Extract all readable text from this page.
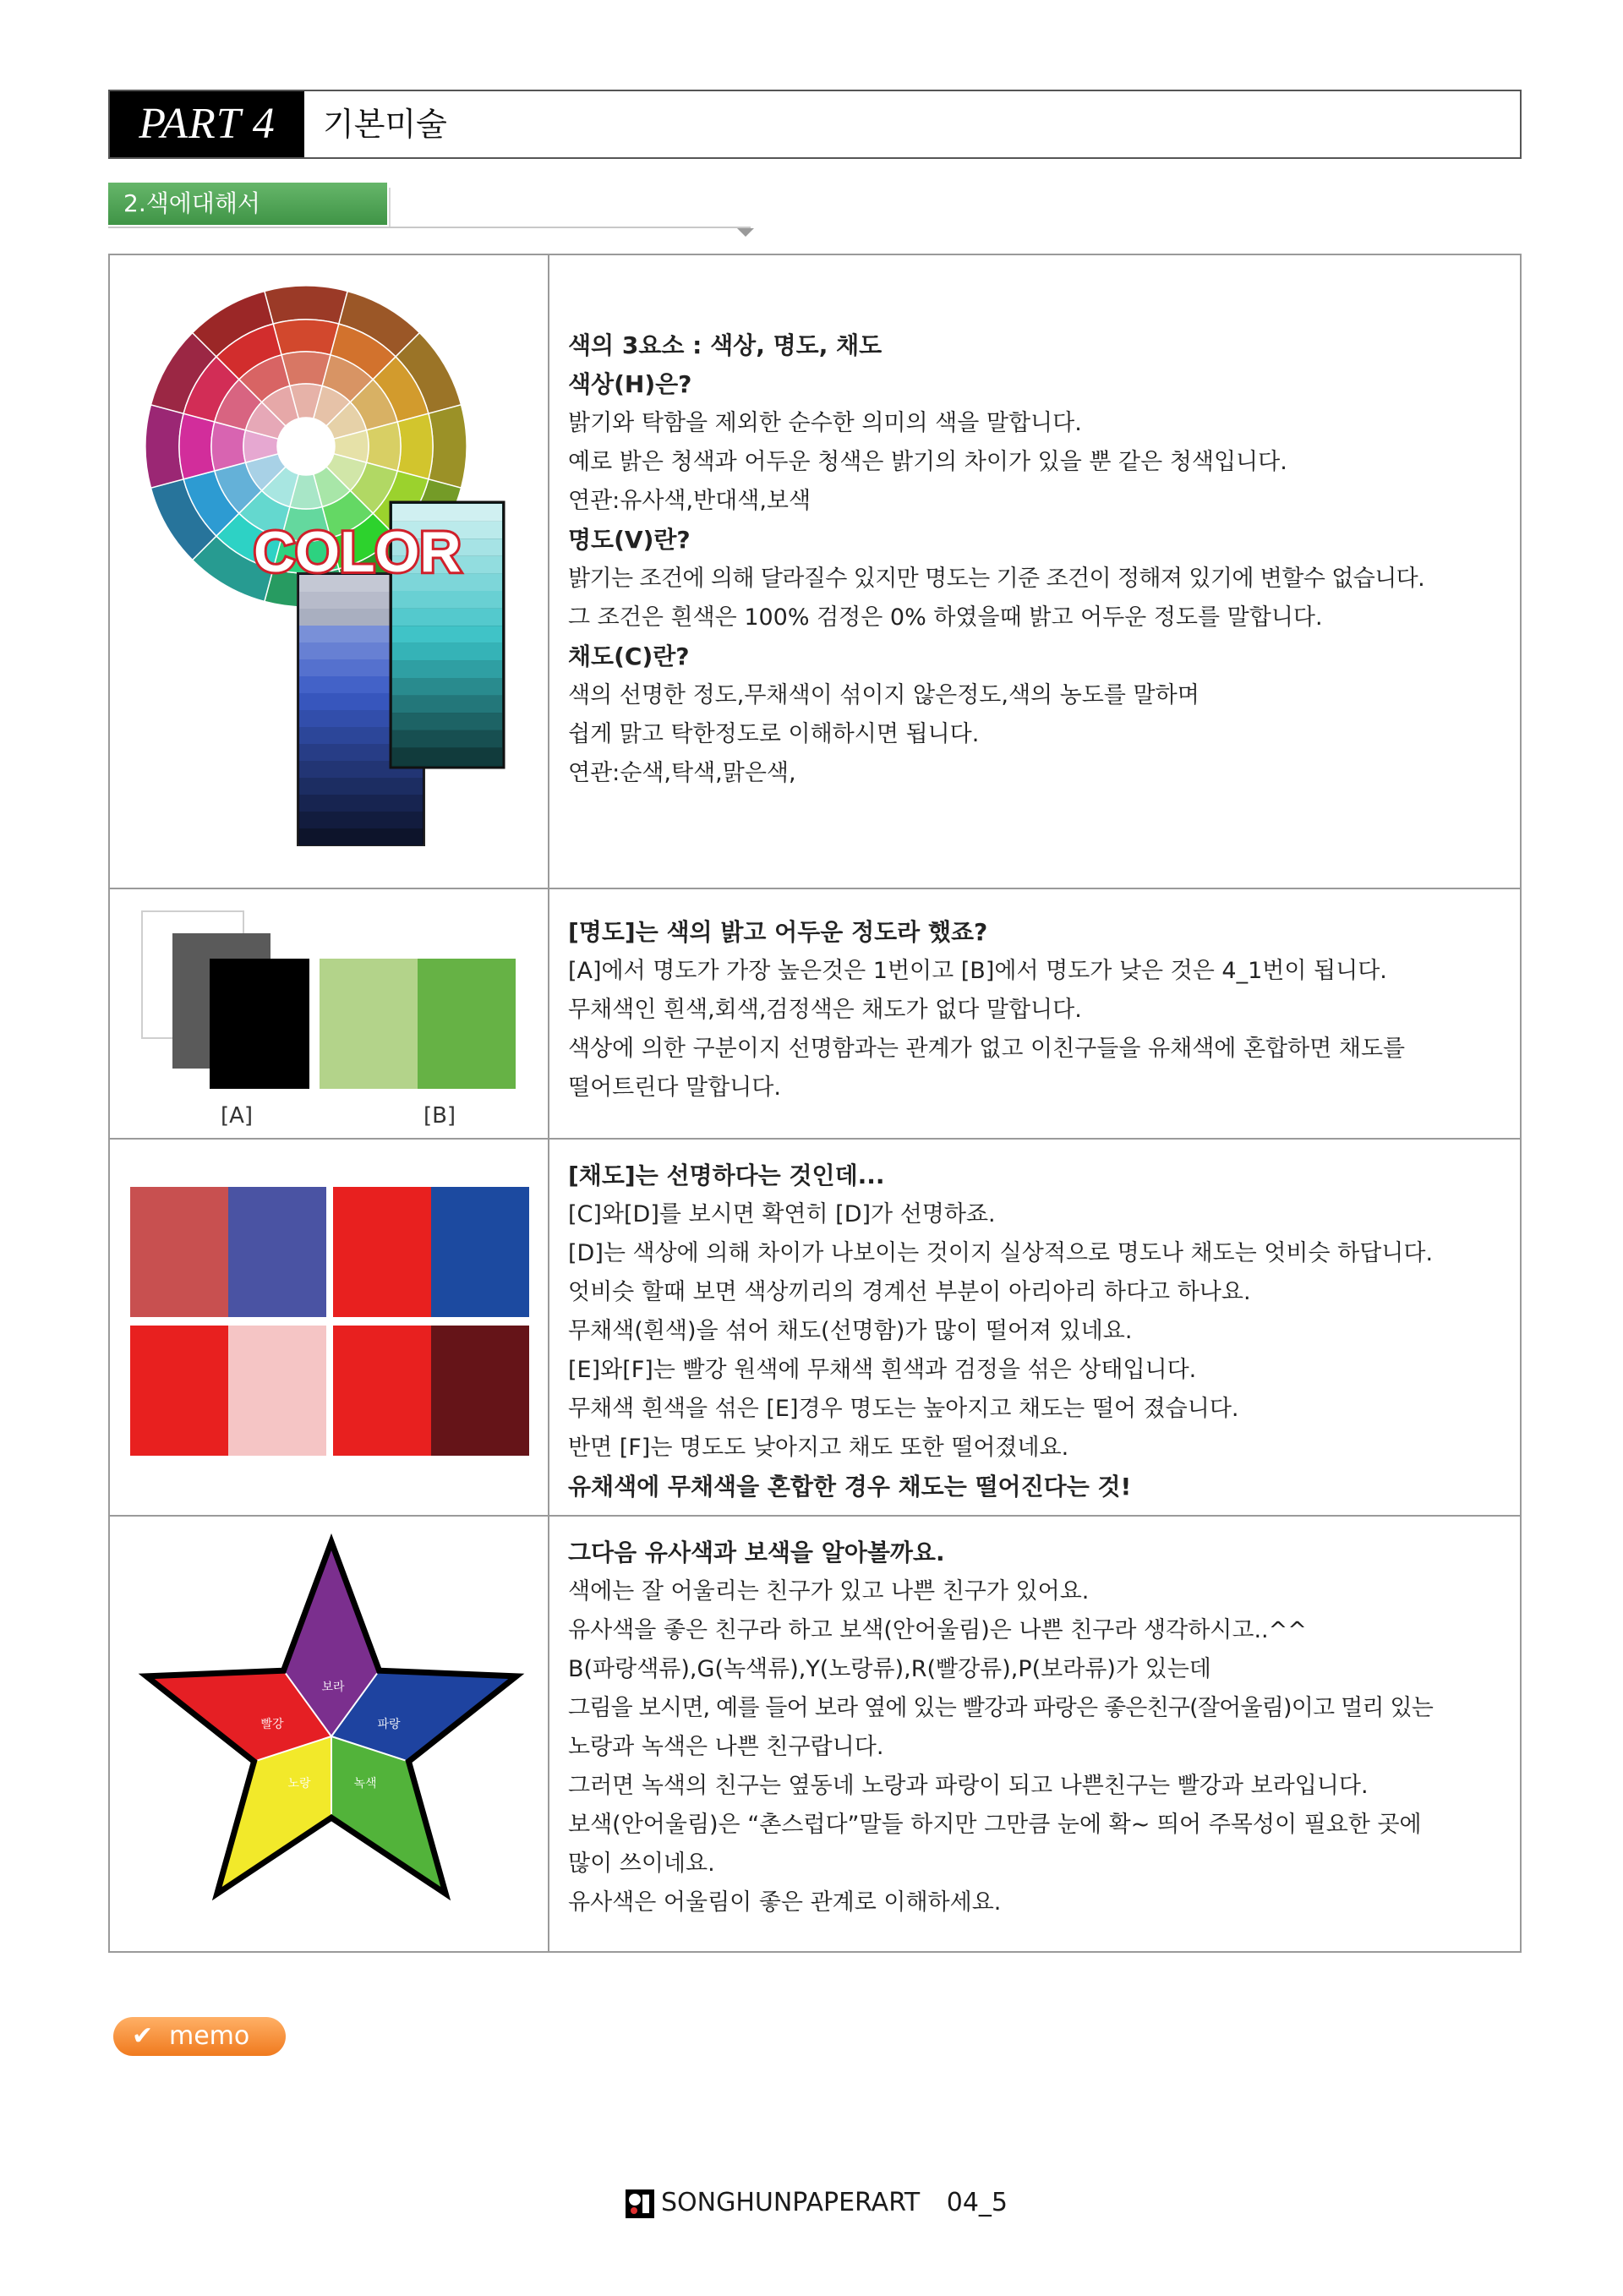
PART 4	기본미술
2.색에대해서
COLOR
색의 3요소 : 색상, 명도, 채도
색상(H)은?
밝기와 탁함을 제외한 순수한 의미의 색을 말합니다.
예로 밝은 청색과 어두운 청색은 밝기의 차이가 있을 뿐 같은 청색입니다.
연관:유사색,반대색,보색
명도(V)란?
밝기는 조건에 의해 달라질수 있지만 명도는 기준 조건이 정해져 있기에 변할수 없습니다.
그 조건은 흰색은 100% 검정은 0% 하였을때 밝고 어두운 정도를 말합니다.
채도(C)란?
색의 선명한 정도,무채색이 섞이지 않은정도,색의 농도를 말하며
쉽게 맑고 탁한정도로 이해하시면 됩니다.
연관:순색,탁색,맑은색,
[A]	[B]
[명도]는 색의 밝고 어두운 정도라 했죠?
[A]에서 명도가 가장 높은것은 1번이고 [B]에서 명도가 낮은 것은 4_1번이 됩니다.
무채색인 흰색,회색,검정색은 채도가 없다 말합니다.
색상에 의한 구분이지 선명함과는 관계가 없고 이친구들을 유채색에 혼합하면 채도를
떨어트린다 말합니다.
[채도]는 선명하다는 것인데...
[C]와[D]를 보시면 확연히 [D]가 선명하죠.
[D]는 색상에 의해 차이가 나보이는 것이지 실상적으로 명도나 채도는 엇비슷 하답니다.
엇비슷 할때 보면 색상끼리의 경계선 부분이 아리아리 하다고 하나요.
무채색(흰색)을 섞어 채도(선명함)가 많이 떨어져 있네요.
[E]와[F]는 빨강 원색에 무채색 흰색과 검정을 섞은 상태입니다.
무채색 흰색을 섞은 [E]경우 명도는 높아지고 채도는 떨어 졌습니다.
반면 [F]는 명도도 낮아지고 채도 또한 떨어졌네요.
유채색에 무채색을 혼합한 경우 채도는 떨어진다는 것!
보라
빨강	파랑
노랑	녹색
그다음 유사색과 보색을 알아볼까요.
색에는 잘 어울리는 친구가 있고 나쁜 친구가 있어요.
유사색을 좋은 친구라 하고 보색(안어울림)은 나쁜 친구라 생각하시고..^^
B(파랑색류),G(녹색류),Y(노랑류),R(빨강류),P(보라류)가 있는데
그림을 보시면, 예를 들어 보라 옆에 있는 빨강과 파랑은 좋은친구(잘어울림)이고 멀리 있는
노랑과 녹색은 나쁜 친구랍니다.
그러면 녹색의 친구는 옆동네 노랑과 파랑이 되고 나쁜친구는 빨강과 보라입니다.
보색(안어울림)은 “촌스럽다”말들 하지만 그만큼 눈에 확~ 띄어 주목성이 필요한 곳에
많이 쓰이네요.
유사색은 어울림이 좋은 관계로 이해하세요.
✔ memo
SONGHUNPAPERART 04_5
